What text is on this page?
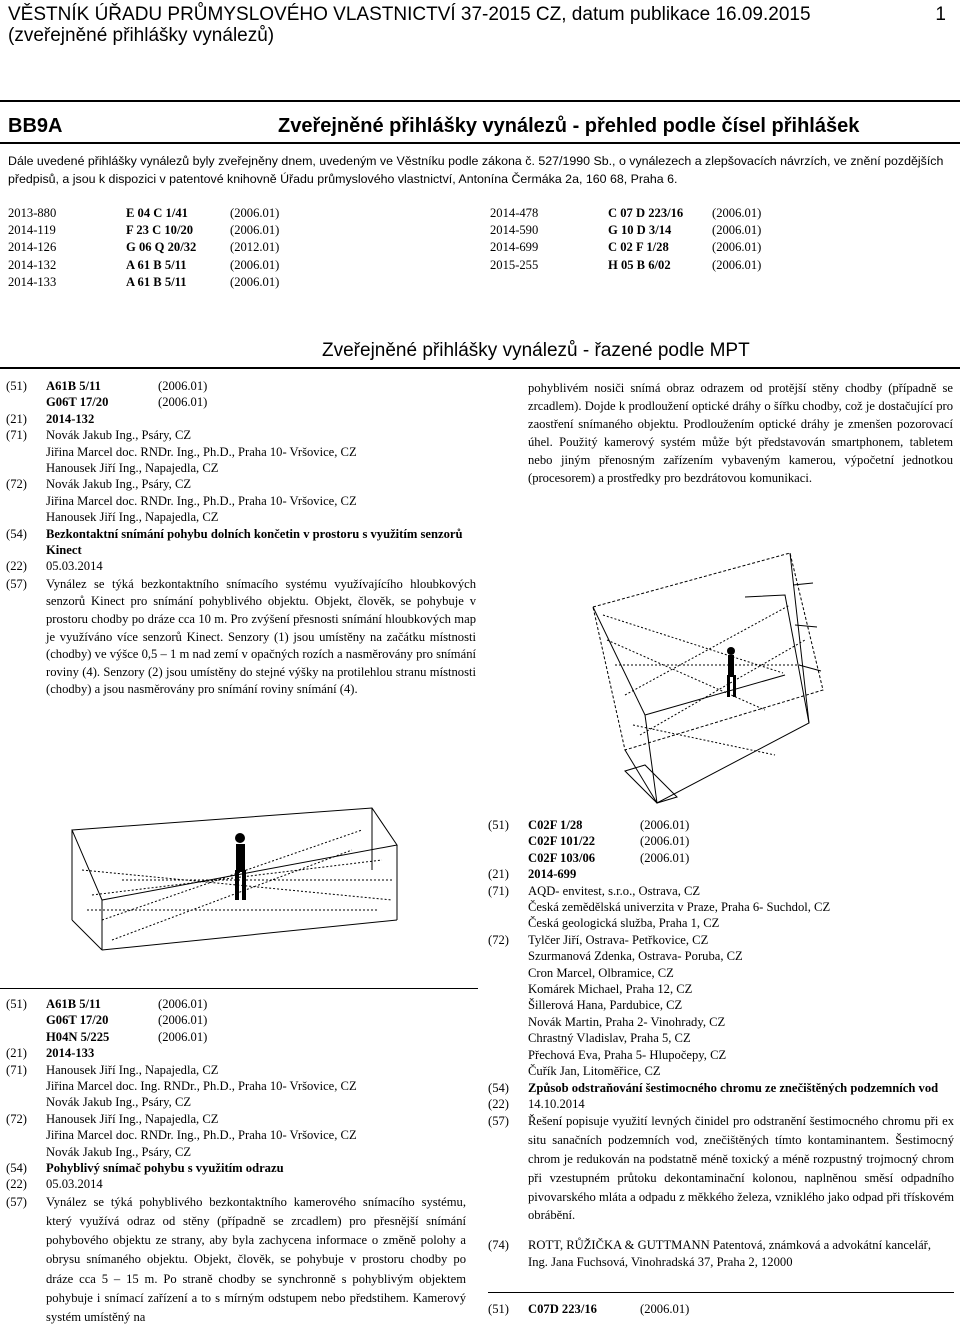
VĚSTNÍK ÚŘADU PRŮMYSLOVÉHO VLASTNICTVÍ 37-2015 CZ, datum publikace 16.09.2015
(zveřejněné přihlášky vynálezů)
1
BB9A	Zveřejněné přihlášky vynálezů - přehled podle čísel přihlášek
Dále uvedené přihlášky vynálezů byly zveřejněny dnem, uvedeným ve Věstníku podle zákona č. 527/1990 Sb., o vynálezech a zlepšovacích návrzích, ve znění pozdějších předpisů, a jsou k dispozici v patentové knihovně Úřadu průmyslového vlastnictví, Antonína Čermáka 2a, 160 68, Praha 6.
2013-880	E 04 C 1/41	(2006.01)
2014-119	F 23 C 10/20	(2006.01)
2014-126	G 06 Q 20/32	(2012.01)
2014-132	A 61 B 5/11	(2006.01)
2014-133	A 61 B 5/11	(2006.01)
2014-478	C 07 D 223/16 (2006.01)
2014-590	G 10 D 3/14	(2006.01)
2014-699	C 02 F 1/28	(2006.01)
2015-255	H 05 B 6/02	(2006.01)
Zveřejněné přihlášky vynálezů - řazené podle MPT
(51) A61B 5/11	(2006.01)
G06T 17/20	(2006.01)
(21) 2014-132
(71) Novák Jakub Ing., Psáry, CZ
Jiřina Marcel doc. RNDr. Ing., Ph.D., Praha 10- Vršovice, CZ
Hanousek Jiří Ing., Napajedla, CZ
(72) Novák Jakub Ing., Psáry, CZ
Jiřina Marcel doc. RNDr. Ing., Ph.D., Praha 10- Vršovice, CZ
Hanousek Jiří Ing., Napajedla, CZ
(54) Bezkontaktní snímání pohybu dolních končetin v prostoru s využitím senzorů Kinect
(22) 05.03.2014
(57) Vynález se týká bezkontaktního snímacího systému využívajícího hloubkových senzorů Kinect pro snímání pohyblivého objektu. Objekt, člověk, se pohybuje v prostoru chodby po dráze cca 10 m. Pro zvýšení přesnosti snímání hloubkových map je využíváno více senzorů Kinect. Senzory (1) jsou umístěny na začátku místnosti (chodby) ve výšce 0,5 – 1 m nad zemí v opačných rozích a nasměrovány pro snímání roviny (4). Senzory (2) jsou umístěny do stejné výšky na protilehlou stranu místnosti (chodby) a jsou nasměrovány pro snímání roviny snímání (4).
pohyblivém nosiči snímá obraz odrazem od protější stěny chodby (případně se zrcadlem). Dojde k prodloužení optické dráhy o šířku chodby, což je dostačující pro zaostření snímaného objektu. Prodloužením optické dráhy je zmenšen pozorovací úhel. Použitý kamerový systém může být představován smartphonem, tabletem nebo jiným přenosným zařízením vybaveným kamerou, výpočetní jednotkou (procesorem) a prostředky pro bezdrátovou komunikaci.
(51) A61B 5/11	(2006.01)
G06T 17/20	(2006.01)
H04N 5/225	(2006.01)
(21) 2014-133
(71) Hanousek Jiří Ing., Napajedla, CZ
Jiřina Marcel doc. Ing. RNDr., Ph.D., Praha 10- Vršovice, CZ
Novák Jakub Ing., Psáry, CZ
(72) Hanousek Jiří Ing., Napajedla, CZ
Jiřina Marcel doc. RNDr. Ing., Ph.D., Praha 10- Vršovice, CZ
Novák Jakub Ing., Psáry, CZ
(54) Pohyblivý snímač pohybu s využitím odrazu
(22) 05.03.2014
(57) Vynález se týká pohyblivého bezkontaktního kamerového snímacího systému, který využívá odraz od stěny (případně se zrcadlem) pro přesnější snímání pohybového objektu ze strany, aby byla zachycena informace o změně polohy a obrysu snímaného objektu. Objekt, člověk, se pohybuje v prostoru chodby po dráze cca 5 – 15 m. Po straně chodby se synchronně s pohyblivým objektem pohybuje i snímací zařízení a to s mírným odstupem nebo předstihem. Kamerový systém umístěný na
(51) C02F 1/28	(2006.01)
C02F 101/22	(2006.01)
C02F 103/06	(2006.01)
(21) 2014-699
(71) AQD- envitest, s.r.o., Ostrava, CZ
Česká zemědělská univerzita v Praze, Praha 6- Suchdol, CZ
Česká geologická služba, Praha 1, CZ
(72) Tylčer Jiří, Ostrava- Petřkovice, CZ
Szurmanová Zdenka, Ostrava- Poruba, CZ
Cron Marcel, Olbramice, CZ
Komárek Michael, Praha 12, CZ
Šillerová Hana, Pardubice, CZ
Novák Martin, Praha 2- Vinohrady, CZ
Chrastný Vladislav, Praha 5, CZ
Přechová Eva, Praha 5- Hlupočepy, CZ
Čuřík Jan, Litoměřice, CZ
(54) Způsob odstraňování šestimocného chromu ze znečištěných podzemních vod
(22) 14.10.2014
(57) Řešení popisuje využití levných činidel pro odstranění šestimocného chromu při ex situ sanačních podzemních vod, znečištěných tímto kontaminantem. Šestimocný chrom je redukován na podstatně méně toxický a méně rozpustný trojmocný chrom při vzestupném průtoku dekontaminační kolonou, naplněnou směsí odpadního pivovarského mláta a odpadu z měkkého železa, vzniklého jako odpad při třískovém obrábění.
(74) ROTT, RŮŽIČKA & GUTTMANN Patentová, známková a advokátní kancelář, Ing. Jana Fuchsová, Vinohradská 37, Praha 2, 12000
(51) C07D 223/16	(2006.01)
